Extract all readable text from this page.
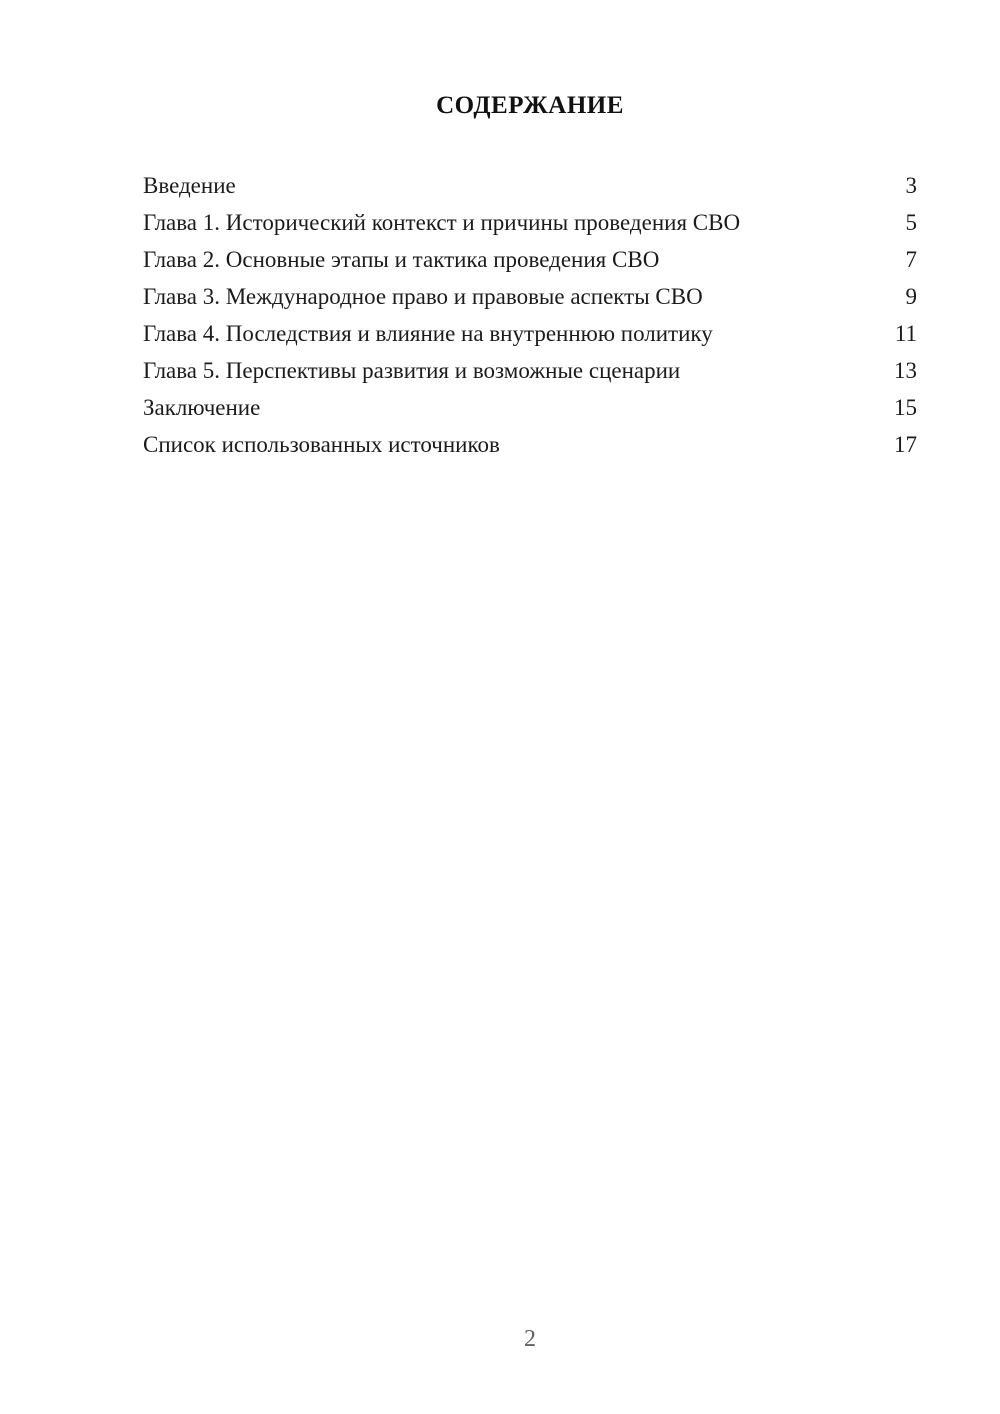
СОДЕРЖАНИЕ
Введение	3
Глава 1. Исторический контекст и причины проведения СВО	5
Глава 2. Основные этапы и тактика проведения СВО	7
Глава 3. Международное право и правовые аспекты СВО	9
Глава 4. Последствия и влияние на внутреннюю политику	11
Глава 5. Перспективы развития и возможные сценарии	13
Заключение	15
Список использованных источников	17
2
